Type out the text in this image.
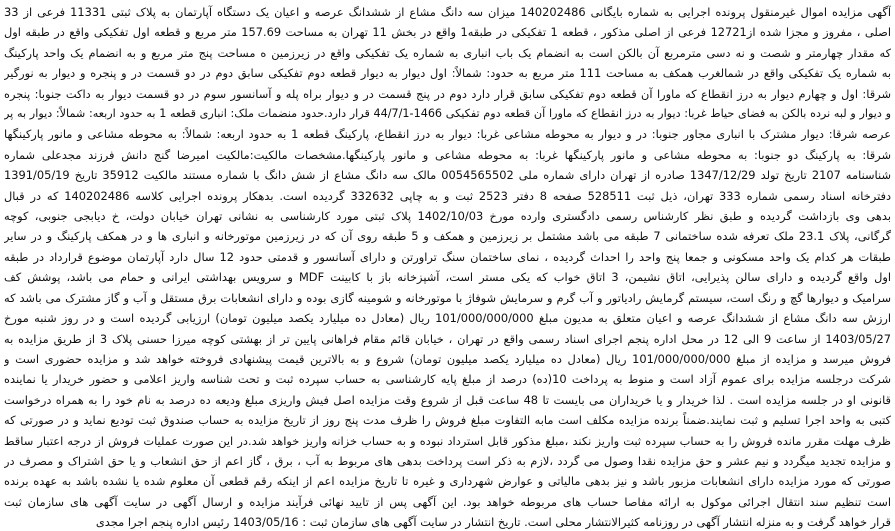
آگهی مزایده اموال غیرمنقول پرونده اجرایی به شماره بایگانی 140202486 میزان سه دانگ مشاع از ششدانگ عرصه و اعیان یک دستگاه آپارتمان به پلاک ثبتی 11331 فرعی از 33
اصلی ، مفروز و مجزا شده از12721 فرعی از اصلی مذکور ، قطعه 1 تفکیکی در طبقه1 واقع در بخش 11 تهران به مساحت 157.69 متر مربع و قطعه اول تفکیکی واقع در طبقه اول
که مقدار چهارمتر و شصت و نه دسی مترمربع آن بالکن است به انضمام یک باب انباری به شماره یک تفکیکی واقع در زیرزمین ه مساحت پنج متر مربع و به انضمام یک واحد پارکینگ
به شماره یک تفکیکی واقع در شمالغرب همکف به مساحت 111 متر مربع به حدود: شمالاً: اول دیوار به دیوار قطعه دوم تفکیکی سابق دوم در دو قسمت در و پنجره و دیوار به نورگیر
شرقا: اول و چهارم دیوار به درز انقطاع که ماورا آن قطعه دوم تفکیکی سابق قرار دارد دوم در پنج قسمت در و دیوار براه پله و آسانسور سوم در دو قسمت دیوار به داکت جنوبا: پنجره
و دیوار و لبه نرده بالکن به فضای حیاط غربا: دیوار به درز انقطاع که ماورا آن قطعه دوم تفکیکی 1466-44/7/1 قرار دارد.حدود منضمات ملک: انباری قطعه 1 به حدود اربعه: شمالاً: دیوار به پر
عرصه شرقا: دیوار مشترک با انباری مجاور جنوبا: در و دیوار به محوطه مشاعی غربا: دیوار به درز انقطاع، پارکینگ قطعه 1 به حدود اربعه: شمالاً: به محوطه مشاعی و مانور پارکینگها
شرقا: به پارکینگ دو جنوبا: به محوطه مشاعی و مانور پارکینگها غربا: به محوطه مشاعی و مانور پارکینگها.مشخصات مالکیت:مالکیت امیرضا گنج دانش فرزند مجدعلی شماره
شناسنامه 2107 تاریخ تولد 1347/12/29 صادره از تهران دارای شماره ملی 0054565502 مالک سه دانگ مشاع از شش دانگ با شماره مستند مالکیت 35912 تاریخ 1391/05/19
دفترخانه اسناد رسمی شماره 333 تهران، ذیل ثبت 528511 صفحه 8 دفتر 2523 ثبت و به چاپی 332632 گردیده است. بدهکار پرونده اجرایی کلاسه 140202486 که در قبال
بدهی وی بازداشت گردیده و طبق نظر کارشناس رسمی دادگستری وارده مورخ 1402/10/03 پلاک ثبتی مورد کارشناسی به نشانی تهران خیابان دولت، خ دیابجی جنوبی، کوچه
گرگانی، پلاک 23.1 ملک تعرفه شده ساختمانی 7 طبقه می باشد مشتمل بر زیرزمین و همکف و 5 طبقه روی آن که در زیرزمین موتورخانه و انباری ها و در همکف پارکینگ و در سایر
طبقات هر کدام یک واحد مسکونی و جمعا پنج واحد را احداث گردیده ، نمای ساختمان سنگ تراورتن و دارای آسانسور و قدمتی حدود 12 سال دارد آپارتمان موضوع قرارداد در طبقه
اول واقع گردیده و دارای سالن پذیرایی، اتاق نشیمن، 3 اتاق خواب که یکی مستر است، آشپزخانه باز با کابینت MDF و سرویس بهداشتی ایرانی و حمام می باشد، پوشش کف
سرامیک و دیوارها گچ و رنگ است، سیستم گرمایش رادیاتور و آب گرم و سرمایش شوفاژ با موتورخانه و شومینه گازی بوده و دارای انشعابات برق مستقل و آب و گاز مشترک می باشد که
ارزش سه دانگ مشاع از ششدانگ عرصه و اعیان متعلق به مدیون مبلغ 101/000/000/000 ریال (معادل ده میلیارد یکصد میلیون تومان) ارزیابی گردیده است و در روز شنبه مورخ
1403/05/27 از ساعت 9 الی 12 در محل اداره پنجم اجرای اسناد رسمی واقع در تهران ، خیابان قائم مقام فراهانی پایین تر از بهشتی کوچه میرزا حسنی پلاک 3 از طریق مزایده به
فروش میرسد و مزایده از مبلغ 101/000/000/000 ریال (معادل ده میلیارد یکصد میلیون تومان) شروع و به بالاترین قیمت پیشنهادی فروخته خواهد شد و مزایده حضوری است و
شرکت درجلسه مزایده برای عموم آزاد است و منوط به پرداخت 10(ده) درصد از مبلغ پایه کارشناسی به حساب سپرده ثبت و تحت شناسه واریز اعلامی و حضور خریدار یا نماینده
قانونی او در جلسه مزایده است . لذا خریدار و یا خریداران می بایست تا 48 ساعت قبل از شروع وقت مزایده اصل فیش واریزی مبلغ ودیعه ده درصد به نام خود را به همراه درخواست
کتبی به واحد اجرا تسلیم و ثبت نمایند.ضمناً برنده مزایده مکلف است مابه التفاوت مبلغ فروش را ظرف مدت پنج روز از تاریخ مزایده به حساب صندوق ثبت تودیع نماید و در صورتی که
ظرف مهلت مقرر مانده فروش را به حساب سپرده ثبت واریز نکند ،مبلغ مذکور قابل استرداد نبوده و به حساب خزانه واریز خواهد شد.در این صورت عملیات فروش از درجه اعتبار ساقط
و مزایده تجدید میگردد و نیم عشر و حق مزایده نقدا وصول می گردد ،لازم به ذکر است پرداخت بدهی های مربوط به آب ، برق ، گاز اعم از حق انشعاب و یا حق اشتراک و مصرف در
صورتی که مورد مزایده دارای انشعابات مزبور باشد و نیز بدهی مالیاتی و عوارض شهرداری و غیره تا تاریخ مزایده اعم از اینکه رقم قطعی آن معلوم شده یا نشده باشد به عهده برنده
است تنظیم سند انتقال اجرائی موکول به ارائه مفاصا حساب های مربوطه خواهد بود. این آگهی پس از تایید نهائی فرآیند مزایده و ارسال آگهی در سایت آگهی های سازمان ثبت
قرار خواهد گرفت و به منزله انتشار آگهی در روزنامه کثیرالانتشار محلی است. تاریخ انتشار در سایت آگهی های سازمان ثبت : 1403/05/16 رئیس اداره پنجم اجرا مجدی
